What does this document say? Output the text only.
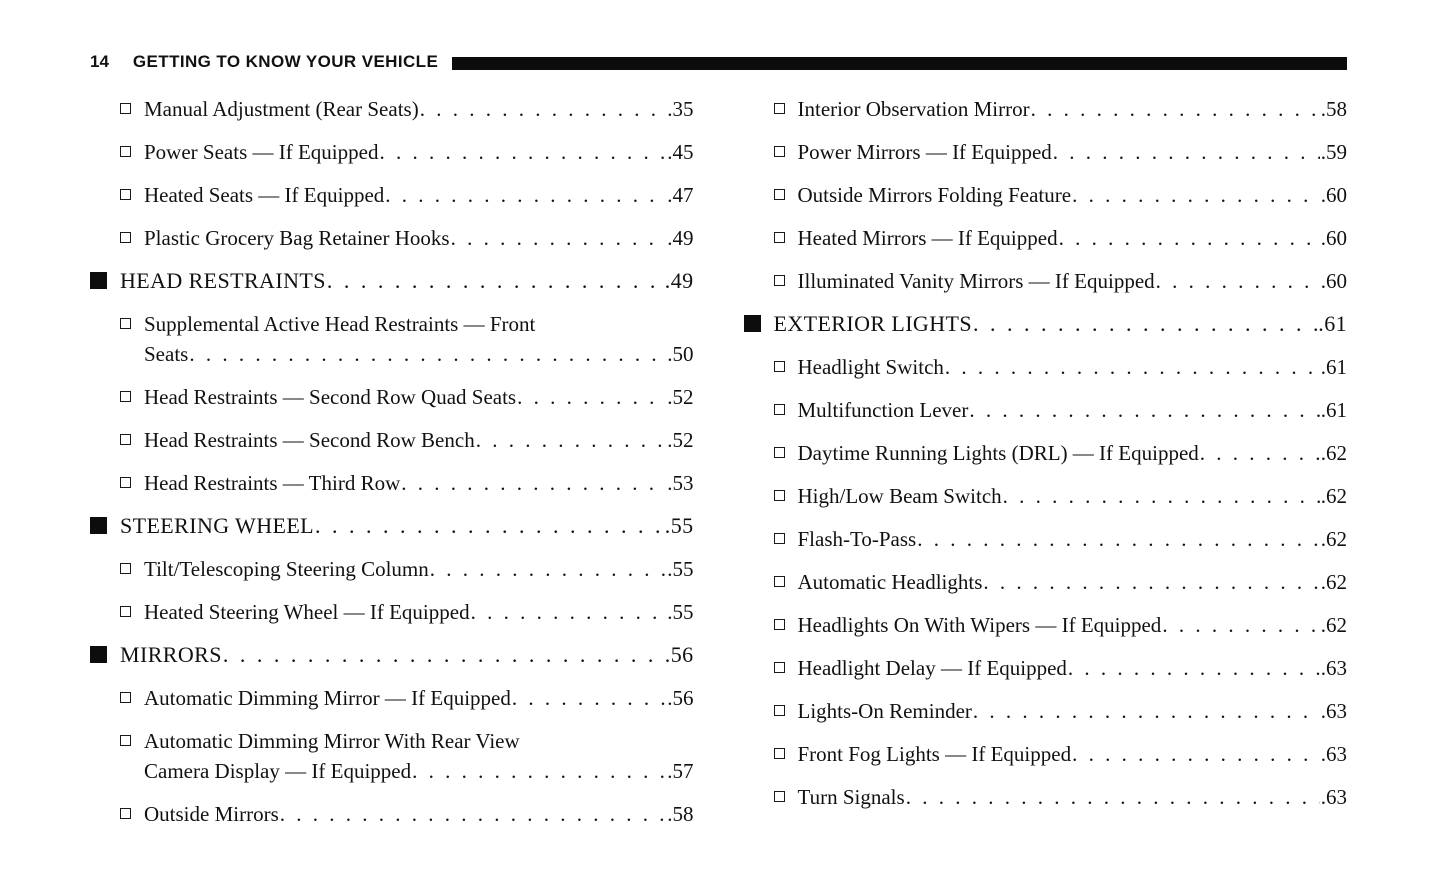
14 GETTING TO KNOW YOUR VEHICLE
Manual Adjustment (Rear Seats) . . .	. 35
Power Seats — If Equipped . . .	. 45
Heated Seats — If Equipped . . .	. 47
Plastic Grocery Bag Retainer Hooks . . .	. 49
HEAD RESTRAINTS . . .	. 49
Supplemental Active Head Restraints — Front
Seats . . .	. 50
Head Restraints — Second Row Quad Seats . . .	. 52
Head Restraints — Second Row Bench . . .	. 52
Head Restraints — Third Row . . .	. 53
STEERING WHEEL . . .	. 55
Tilt/Telescoping Steering Column . . .	. 55
Heated Steering Wheel — If Equipped . . .	. 55
MIRRORS . . .	. 56
Automatic Dimming Mirror — If Equipped . . .	. 56
Automatic Dimming Mirror With Rear View
Camera Display — If Equipped . . .	. 57
Outside Mirrors . . .	. 58
Interior Observation Mirror . . .	. 58
Power Mirrors — If Equipped . . .	. 59
Outside Mirrors Folding Feature . . .	. 60
Heated Mirrors — If Equipped . . .	. 60
Illuminated Vanity Mirrors — If Equipped . . .	. 60
EXTERIOR LIGHTS . . .	. 61
Headlight Switch . . .	. 61
Multifunction Lever . . .	. 61
Daytime Running Lights (DRL) — If Equipped . . .	. 62
High/Low Beam Switch . . .	. 62
Flash-To-Pass . . .	. 62
Automatic Headlights . . .	. 62
Headlights On With Wipers — If Equipped . . .	. 62
Headlight Delay — If Equipped . . .	. 63
Lights-On Reminder . . .	. 63
Front Fog Lights — If Equipped . . .	. 63
Turn Signals . . .	. 63
